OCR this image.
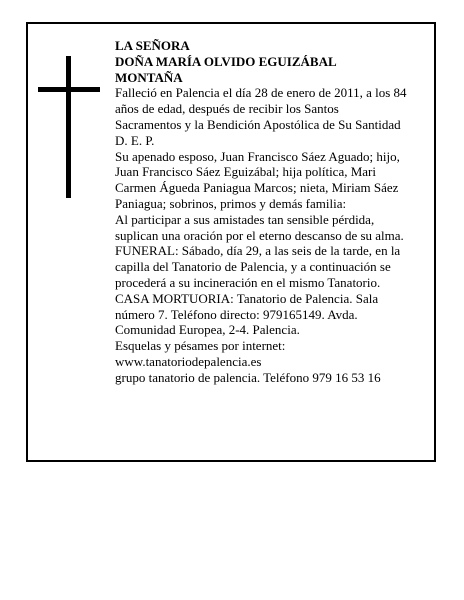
LA SEÑORA
DOÑA MARÍA OLVIDO EGUIZÁBAL
MONTAÑA
Falleció en Palencia el día 28 de enero de 2011, a los 84
años de edad, después de recibir los Santos
Sacramentos y la Bendición Apostólica de Su Santidad
D. E. P.
Su apenado esposo, Juan Francisco Sáez Aguado; hijo,
Juan Francisco Sáez Eguizábal; hija política, Mari
Carmen Águeda Paniagua Marcos; nieta, Miriam Sáez
Paniagua; sobrinos, primos y demás familia:
Al participar a sus amistades tan sensible pérdida,
suplican una oración por el eterno descanso de su alma.
FUNERAL: Sábado, día 29, a las seis de la tarde, en la
capilla del Tanatorio de Palencia, y a continuación se
procederá a su incineración en el mismo Tanatorio.
CASA MORTUORIA: Tanatorio de Palencia. Sala
número 7. Teléfono directo: 979165149. Avda.
Comunidad Europea, 2-4. Palencia.
Esquelas y pésames por internet:
www.tanatoriodepalencia.es
grupo tanatorio de palencia. Teléfono 979 16 53 16
